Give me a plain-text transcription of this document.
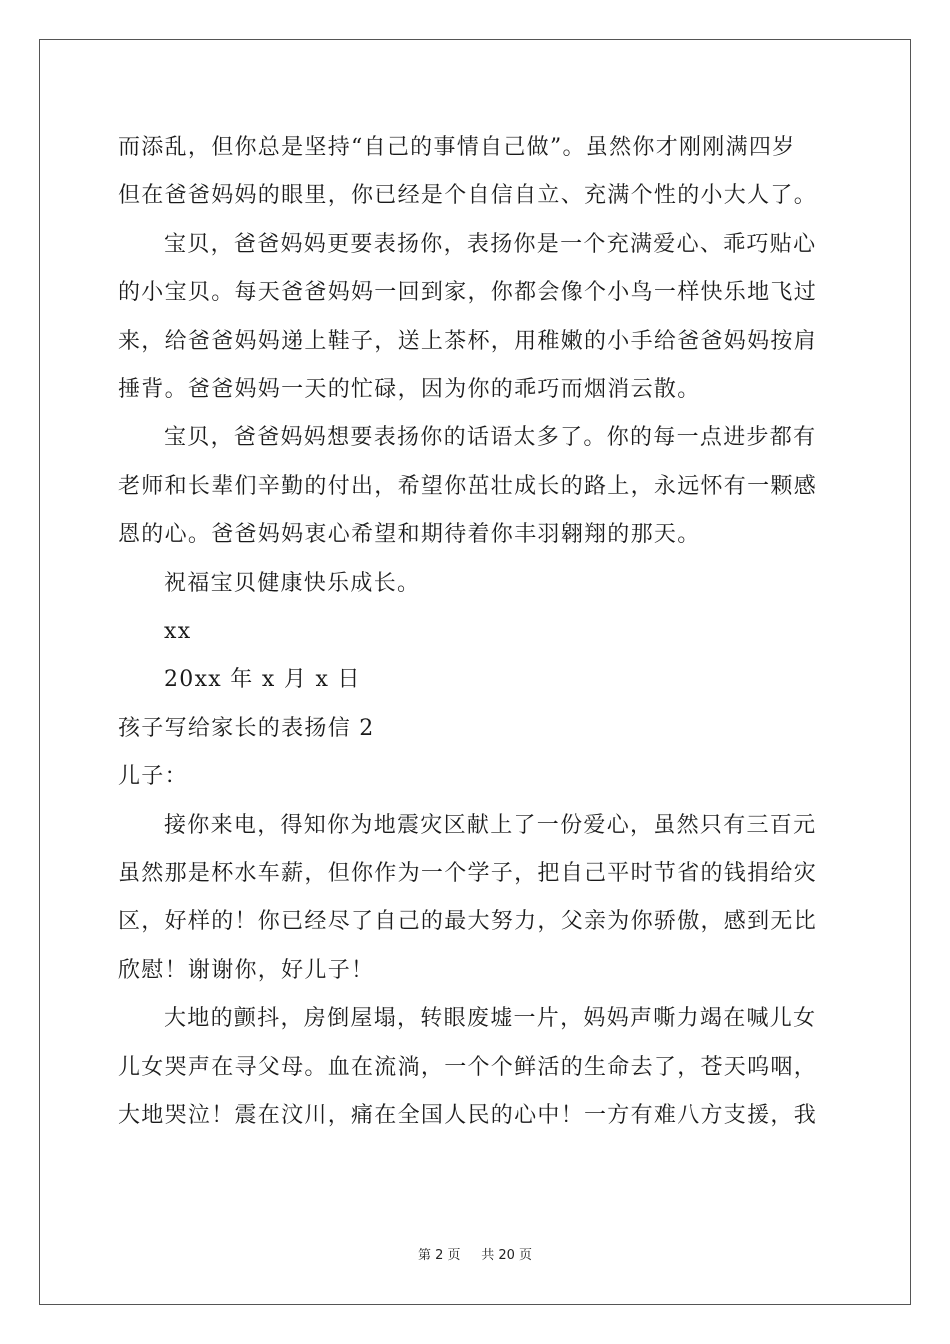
而添乱，但你总是坚持“自己的事情自己做”。虽然你才刚刚满四岁
但在爸爸妈妈的眼里，你已经是个自信自立、充满个性的小大人了。
宝贝，爸爸妈妈更要表扬你，表扬你是一个充满爱心、乖巧贴心
的小宝贝。每天爸爸妈妈一回到家，你都会像个小鸟一样快乐地飞过
来，给爸爸妈妈递上鞋子，送上茶杯，用稚嫩的小手给爸爸妈妈按肩
捶背。爸爸妈妈一天的忙碌，因为你的乖巧而烟消云散。
宝贝，爸爸妈妈想要表扬你的话语太多了。你的每一点进步都有
老师和长辈们辛勤的付出，希望你茁壮成长的路上，永远怀有一颗感
恩的心。爸爸妈妈衷心希望和期待着你丰羽翱翔的那天。
祝福宝贝健康快乐成长。
xx
20xx 年 x 月 x 日
孩子写给家长的表扬信 2
儿子：
接你来电，得知你为地震灾区献上了一份爱心，虽然只有三百元
虽然那是杯水车薪，但你作为一个学子，把自己平时节省的钱捐给灾
区，好样的！你已经尽了自己的最大努力，父亲为你骄傲，感到无比
欣慰！谢谢你，好儿子！
大地的颤抖，房倒屋塌，转眼废墟一片，妈妈声嘶力竭在喊儿女
儿女哭声在寻父母。血在流淌，一个个鲜活的生命去了，苍天呜咽，
大地哭泣！震在汶川，痛在全国人民的心中！一方有难八方支援，我
第 2 页 共 20 页
